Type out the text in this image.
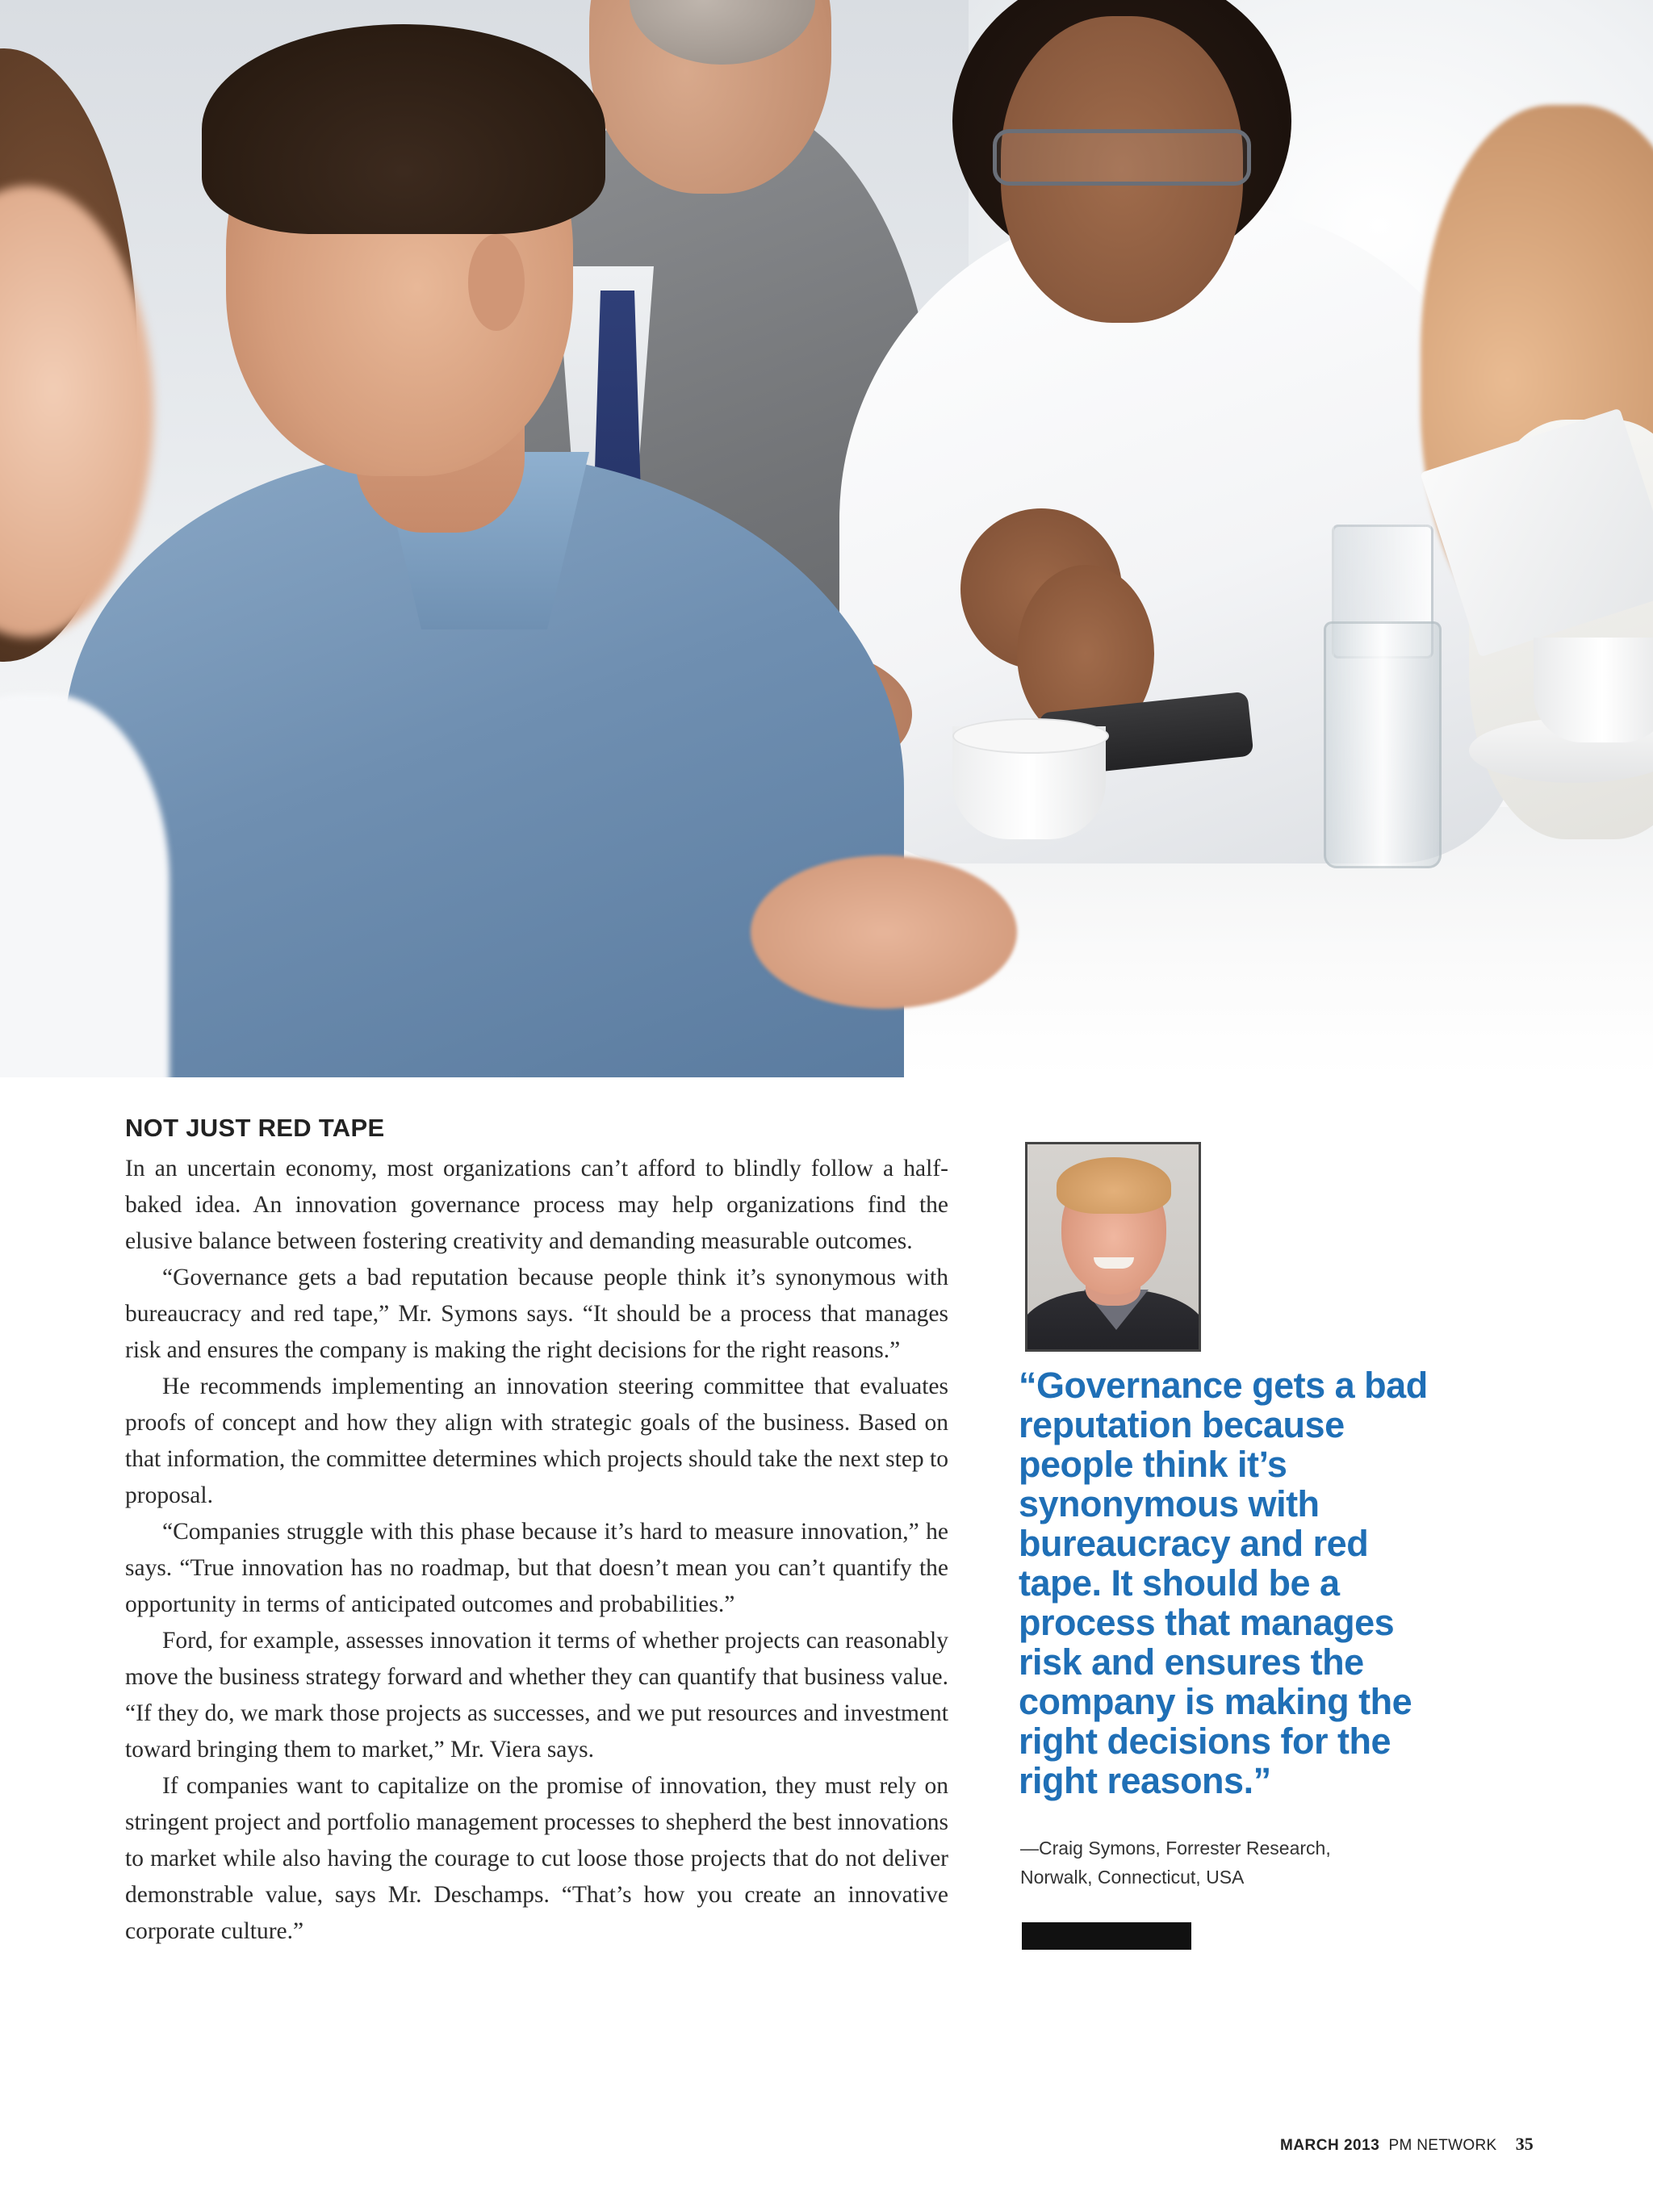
NOT JUST RED TAPE

In an uncertain economy, most organizations can’t afford to blindly follow a half-baked idea. An innovation governance process may help organizations find the elusive balance between fostering creativity and demanding measurable outcomes.

“Governance gets a bad reputation because people think it’s synonymous with bureaucracy and red tape,” Mr. Symons says. “It should be a process that manages risk and ensures the company is making the right decisions for the right reasons.”

He recommends implementing an innovation steering committee that evaluates proofs of concept and how they align with strategic goals of the business. Based on that information, the committee determines which projects should take the next step to proposal.

“Companies struggle with this phase because it’s hard to measure innovation,” he says. “True innovation has no roadmap, but that doesn’t mean you can’t quantify the opportunity in terms of anticipated outcomes and probabilities.”

Ford, for example, assesses innovation it terms of whether projects can reasonably move the business strategy forward and whether they can quantify that business value. “If they do, we mark those projects as successes, and we put resources and investment toward bringing them to market,” Mr. Viera says.

If companies want to capitalize on the promise of innovation, they must rely on stringent project and portfolio management processes to shepherd the best innovations to market while also having the courage to cut loose those projects that do not deliver demonstrable value, says Mr. Deschamps. “That’s how you create an innovative corporate culture.”

“Governance gets a bad reputation because people think it’s synonymous with bureaucracy and red tape. It should be a process that manages risk and ensures the company is making the right decisions for the right reasons.”

—Craig Symons, Forrester Research,
Norwalk, Connecticut, USA
MARCH 2013 PM NETWORK 35
